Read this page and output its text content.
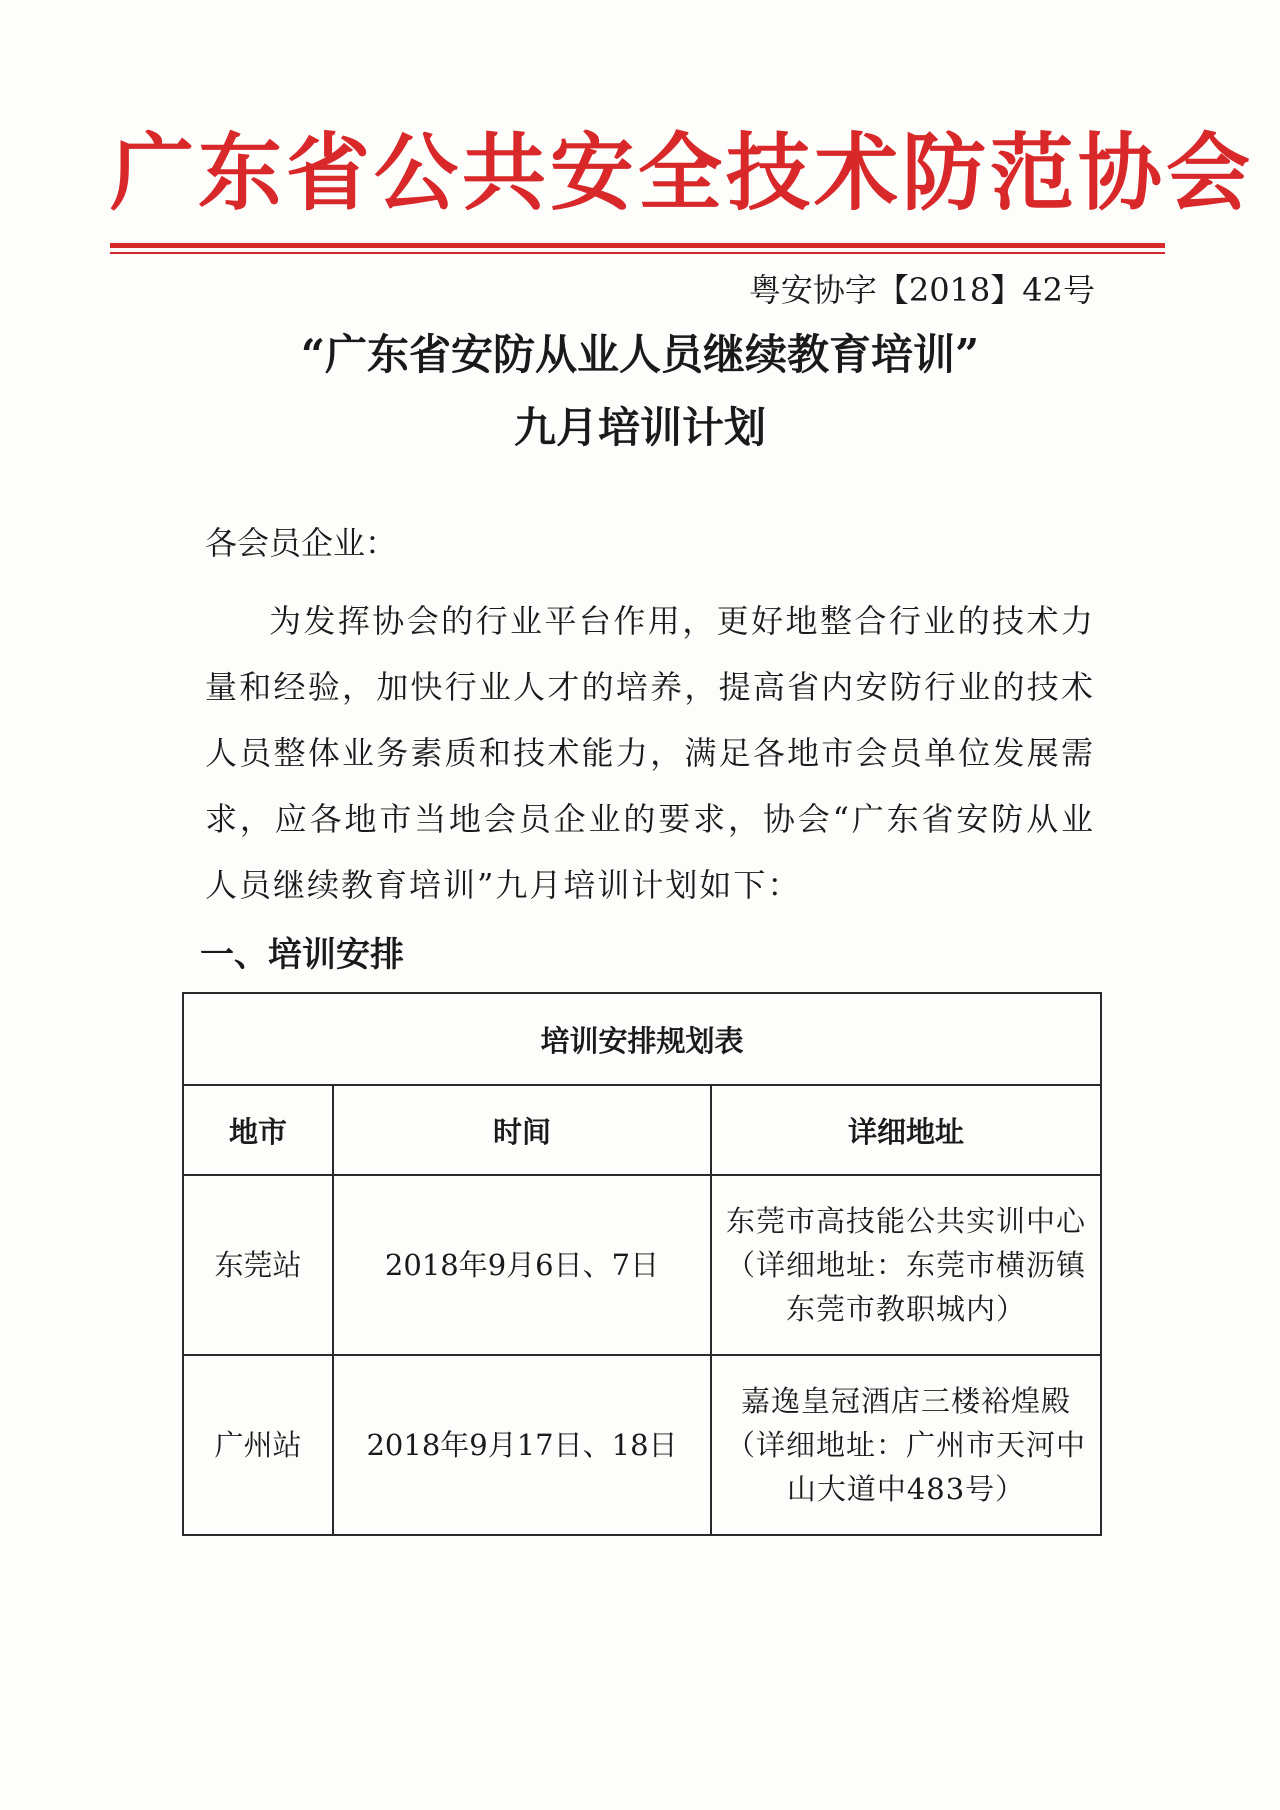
广东省公共安全技术防范协会
粤安协字【2018】42号
“广东省安防从业人员继续教育培训”
九月培训计划
各会员企业：
为发挥协会的行业平台作用，更好地整合行业的技术力量和经验，加快行业人才的培养，提高省内安防行业的技术人员整体业务素质和技术能力，满足各地市会员单位发展需求，应各地市当地会员企业的要求，协会“广东省安防从业人员继续教育培训”九月培训计划如下：
一、培训安排
培训安排规划表		
地市	时间	详细地址
东莞站	2018年9月6日、7日	东莞市高技能公共实训中心（详细地址：东莞市横沥镇东莞市教职城内）
广州站	2018年9月17日、18日	嘉逸皇冠酒店三楼裕煌殿（详细地址：广州市天河中山大道中483号）
